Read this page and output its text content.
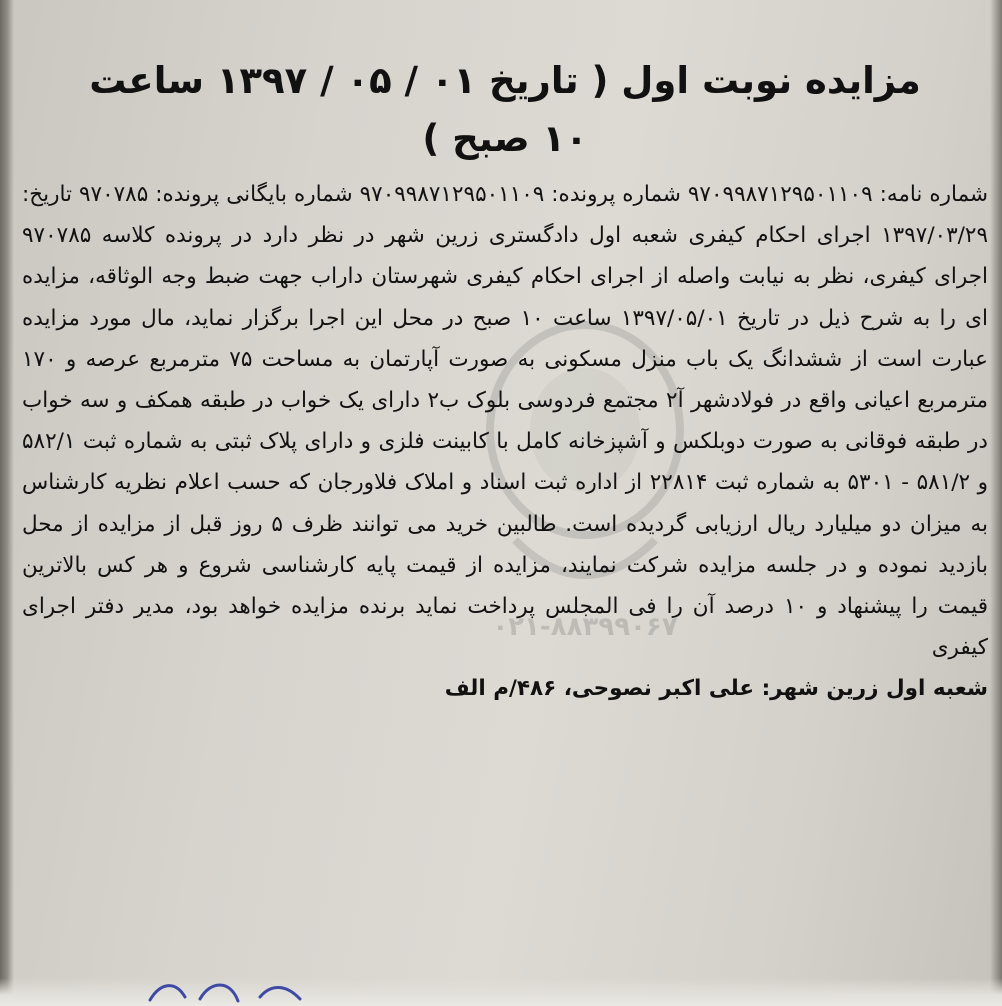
۰۲۱-۸۸۳۹۹۰۶۷
مزایده نوبت اول ( تاریخ ۰۱ / ۰۵ / ۱۳۹۷ ساعت ۱۰ صبح )

شماره نامه: ۹۷۰۹۹۸۷۱۲۹۵۰۱۱۰۹ شماره پرونده: ۹۷۰۹۹۸۷۱۲۹۵۰۱۱۰۹ شماره بایگانی پرونده: ۹۷۰۷۸۵ تاریخ: ۱۳۹۷/۰۳/۲۹ اجرای احکام کیفری شعبه اول دادگستری زرین شهر در نظر دارد در پرونده کلاسه ۹۷۰۷۸۵ اجرای کیفری، نظر به نیابت واصله از اجرای احکام کیفری شهرستان داراب جهت ضبط وجه الوثاقه، مزایده ای را به شرح ذیل در تاریخ ۱۳۹۷/۰۵/۰۱ ساعت ۱۰ صبح در محل این اجرا برگزار نماید، مال مورد مزایده عبارت است از ششدانگ یک باب منزل مسکونی به صورت آپارتمان به مساحت ۷۵ مترمربع عرصه و ۱۷۰ مترمربع اعیانی واقع در فولادشهر آ۲ مجتمع فردوسی بلوک ب۲ دارای یک خواب در طبقه همکف و سه خواب در طبقه فوقانی به صورت دوبلکس و آشپزخانه کامل با کابینت فلزی و دارای پلاک ثبتی به شماره ثبت ۵۸۲/۱ و ۵۸۱/۲ - ۵۳۰۱ به شماره ثبت ۲۲۸۱۴ از اداره ثبت اسناد و املاک فلاورجان که حسب اعلام نظریه کارشناس به میزان دو میلیارد ریال ارزیابی گردیده است. طالبین خرید می توانند ظرف ۵ روز قبل از مزایده از محل بازدید نموده و در جلسه مزایده شرکت نمایند، مزایده از قیمت پایه کارشناسی شروع و هر کس بالاترین قیمت را پیشنهاد و ۱۰ درصد آن را فی المجلس پرداخت نماید برنده مزایده خواهد بود، مدیر دفتر اجرای کیفری

شعبه اول زرین شهر: علی اکبر نصوحی، ۴۸۶/م الف
